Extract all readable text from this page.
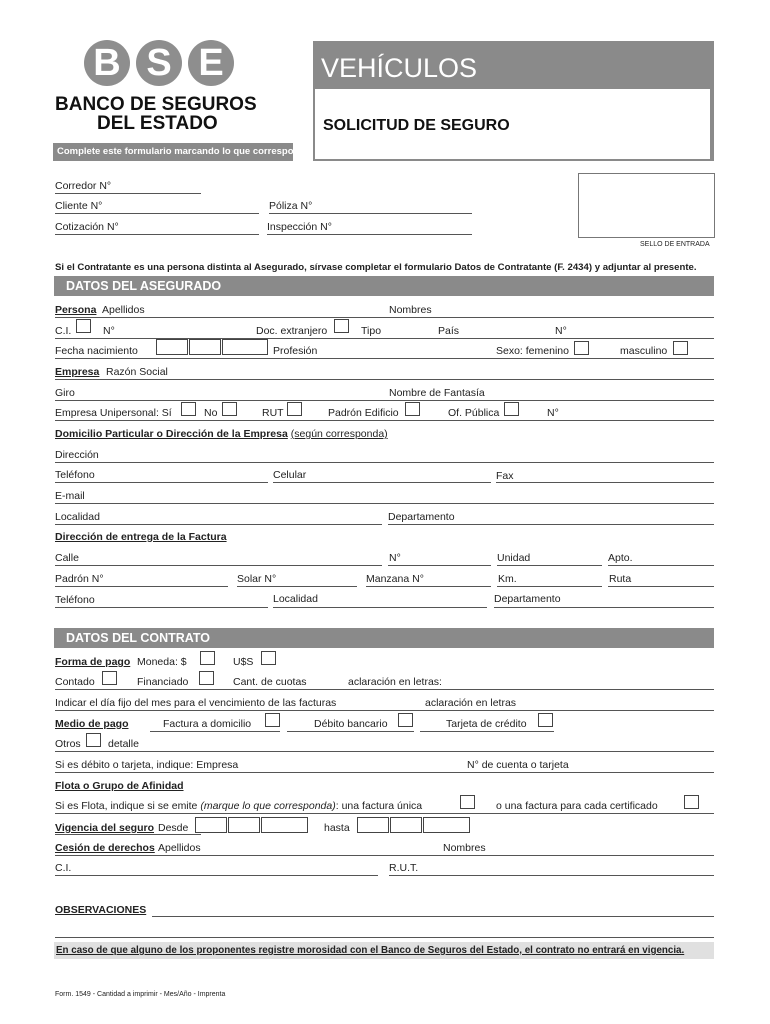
B S E
BANCO DE SEGUROS
DEL ESTADO
Complete este formulario marcando lo que corresponda
VEHÍCULOS
SOLICITUD DE SEGURO
SELLO DE ENTRADA
Corredor N°
Cliente N°	Póliza N°
Cotización N°	Inspección N°
Si el Contratante es una persona distinta al Asegurado, sírvase completar el formulario Datos de Contratante (F. 2434) y adjuntar al presente.
DATOS DEL ASEGURADO
Persona Apellidos	Nombres
C.I.	N°	Doc. extranjero	Tipo	País	N°
Fecha nacimiento	Profesión	Sexo: femenino	masculino
Empresa Razón Social
Giro	Nombre de Fantasía
Empresa Unipersonal: Sí	No	RUT	Padrón Edificio	Of. Pública	N°
Domicilio Particular o Dirección de la Empresa (según corresponda)
Dirección
Teléfono	Celular	Fax
E-mail
Localidad	Departamento
Dirección de entrega de la Factura
Calle	N°	Unidad	Apto.
Padrón N°	Solar N°	Manzana N°	Km.	Ruta
Teléfono	Localidad	Departamento
DATOS DEL CONTRATO
Forma de pago Moneda: $	U$S
Contado	Financiado	Cant. de cuotas	aclaración en letras:
Indicar el día fijo del mes para el vencimiento de las facturas	aclaración en letras
Medio de pago	Factura a domicilio	Débito bancario	Tarjeta de crédito
Otros	detalle
Si es débito o tarjeta, indique: Empresa	N° de cuenta o tarjeta
Flota o Grupo de Afinidad
Si es Flota, indique si se emite (marque lo que corresponda): una factura única	o una factura para cada certificado
Vigencia del seguro Desde	hasta
Cesión de derechos Apellidos	Nombres
C.I.	R.U.T.
OBSERVACIONES
En caso de que alguno de los proponentes registre morosidad con el Banco de Seguros del Estado, el contrato no entrará en vigencia.
Form. 1549 - Cantidad a imprimir - Mes/Año - Imprenta
